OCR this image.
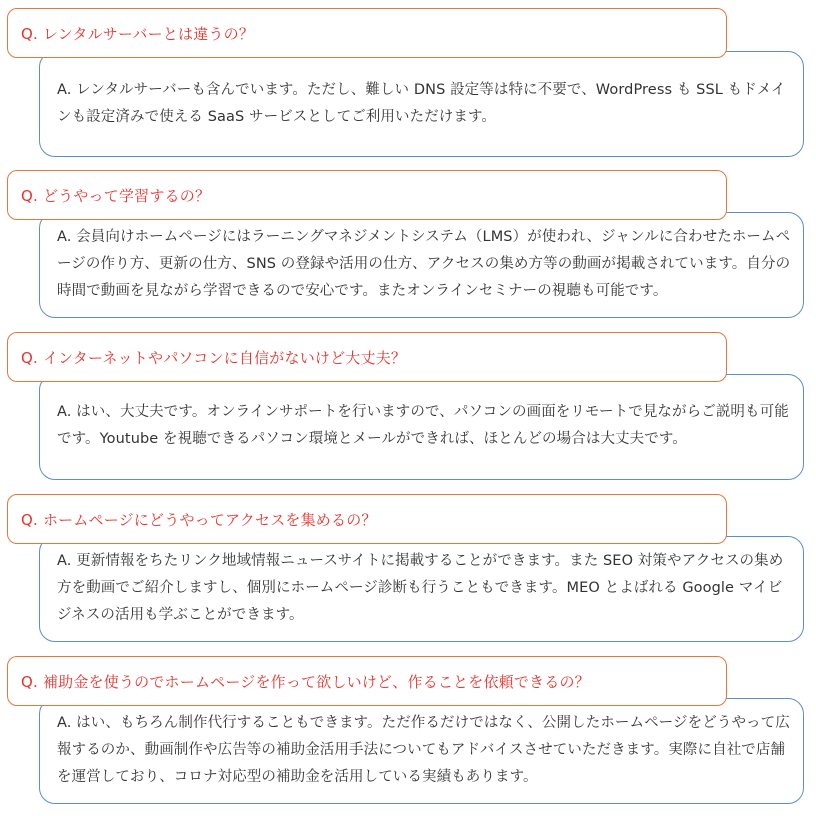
Q. レンタルサーバーとは違うの？
A. レンタルサーバーも含んでいます。ただし、難しい DNS 設定等は特に不要で、WordPress も SSL もドメインも設定済みで使える SaaS サービスとしてご利用いただけます。
Q. どうやって学習するの？
A. 会員向けホームページにはラーニングマネジメントシステム（LMS）が使われ、ジャンルに合わせたホームページの作り方、更新の仕方、SNS の登録や活用の仕方、アクセスの集め方等の動画が掲載されています。自分の時間で動画を見ながら学習できるので安心です。またオンラインセミナーの視聴も可能です。
Q. インターネットやパソコンに自信がないけど大丈夫？
A. はい、大丈夫です。オンラインサポートを行いますので、パソコンの画面をリモートで見ながらご説明も可能です。Youtube を視聴できるパソコン環境とメールができれば、ほとんどの場合は大丈夫です。
Q. ホームページにどうやってアクセスを集めるの？
A. 更新情報をちたリンク地域情報ニュースサイトに掲載することができます。また SEO 対策やアクセスの集め方を動画でご紹介しますし、個別にホームページ診断も行うこともできます。MEO とよばれる Google マイビジネスの活用も学ぶことができます。
Q. 補助金を使うのでホームページを作って欲しいけど、作ることを依頼できるの？
A. はい、もちろん制作代行することもできます。ただ作るだけではなく、公開したホームページをどうやって広報するのか、動画制作や広告等の補助金活用手法についてもアドバイスさせていただきます。実際に自社で店舗を運営しており、コロナ対応型の補助金を活用している実績もあります。
